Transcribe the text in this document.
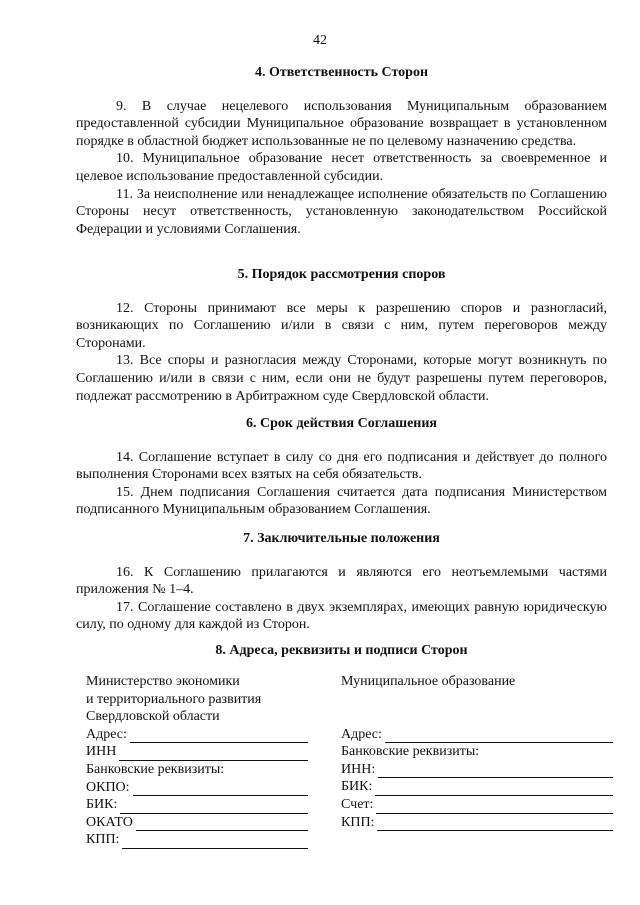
42
4. Ответственность Сторон
9. В случае нецелевого использования Муниципальным образованием предоставленной субсидии Муниципальное образование возвращает в установленном порядке в областной бюджет использованные не по целевому назначению средства.
10. Муниципальное образование несет ответственность за своевременное и целевое использование предоставленной субсидии.
11. За неисполнение или ненадлежащее исполнение обязательств по Соглашению Стороны несут ответственность, установленную законодательством Российской Федерации и условиями Соглашения.
5. Порядок рассмотрения споров
12. Стороны принимают все меры к разрешению споров и разногласий, возникающих по Соглашению и/или в связи с ним, путем переговоров между Сторонами.
13. Все споры и разногласия между Сторонами, которые могут возникнуть по Соглашению и/или в связи с ним, если они не будут разрешены путем переговоров, подлежат рассмотрению в Арбитражном суде Свердловской области.
6. Срок действия Соглашения
14. Соглашение вступает в силу со дня его подписания и действует до полного выполнения Сторонами всех взятых на себя обязательств.
15. Днем подписания Соглашения считается дата подписания Министерством подписанного Муниципальным образованием Соглашения.
7. Заключительные положения
16. К Соглашению прилагаются и являются его неотъемлемыми частями приложения № 1–4.
17. Соглашение составлено в двух экземплярах, имеющих равную юридическую силу, по одному для каждой из Сторон.
8. Адреса, реквизиты и подписи Сторон
Министерство экономики
и территориального развития
Свердловской области
Адрес:
ИНН
Банковские реквизиты:
ОКПО:
БИК:
ОКАТО
КПП:
Муниципальное образование
Адрес:
Банковские реквизиты:
ИНН:
БИК:
Счет:
КПП:
